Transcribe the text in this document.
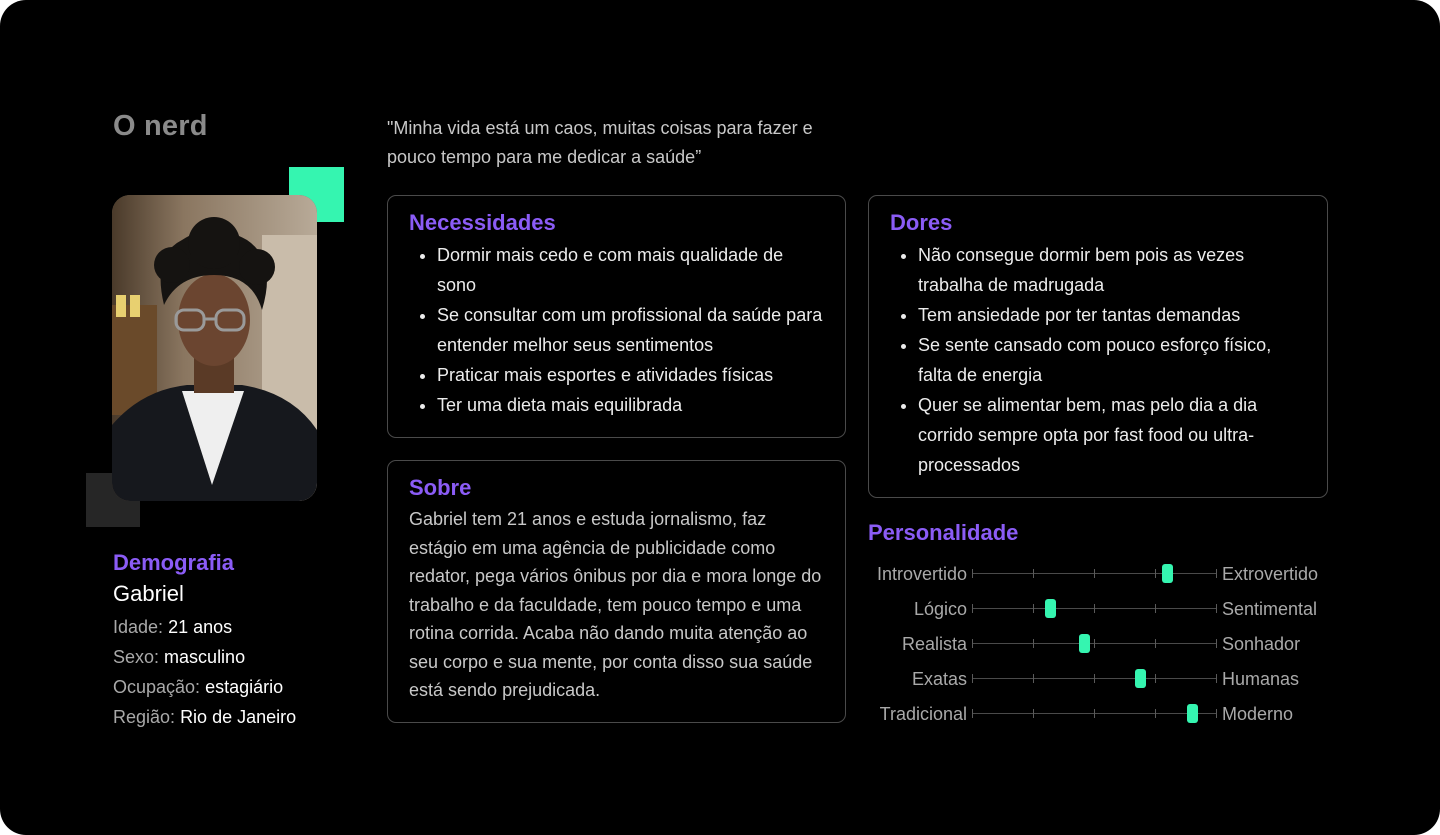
O nerd	"Minha vida está um caos, muitas coisas para fazer e pouco tempo para me dedicar a saúde”
Demografia
Gabriel
Idade: 21 anos
Sexo: masculino
Ocupação: estagiário
Região: Rio de Janeiro
Necessidades
• Dormir mais cedo e com mais qualidade de sono
• Se consultar com um profissional da saúde para entender melhor seus sentimentos
• Praticar mais esportes e atividades físicas
• Ter uma dieta mais equilibrada
Dores
• Não consegue dormir bem pois as vezes trabalha de madrugada
• Tem ansiedade por ter tantas demandas
• Se sente cansado com pouco esforço físico, falta de energia
• Quer se alimentar bem, mas pelo dia a dia corrido sempre opta por fast food ou ultra-processados
Sobre

Gabriel tem 21 anos e estuda jornalismo, faz estágio em uma agência de publicidade como redator, pega vários ônibus por dia e mora longe do trabalho e da faculdade, tem pouco tempo e uma rotina corrida. Acaba não dando muita atenção ao seu corpo e sua mente, por conta disso sua saúde está sendo prejudicada.

Personalidade
Introvertido	Extrovertido
Lógico	Sentimental
Realista	Sonhador
Exatas	Humanas
Tradicional	Moderno
